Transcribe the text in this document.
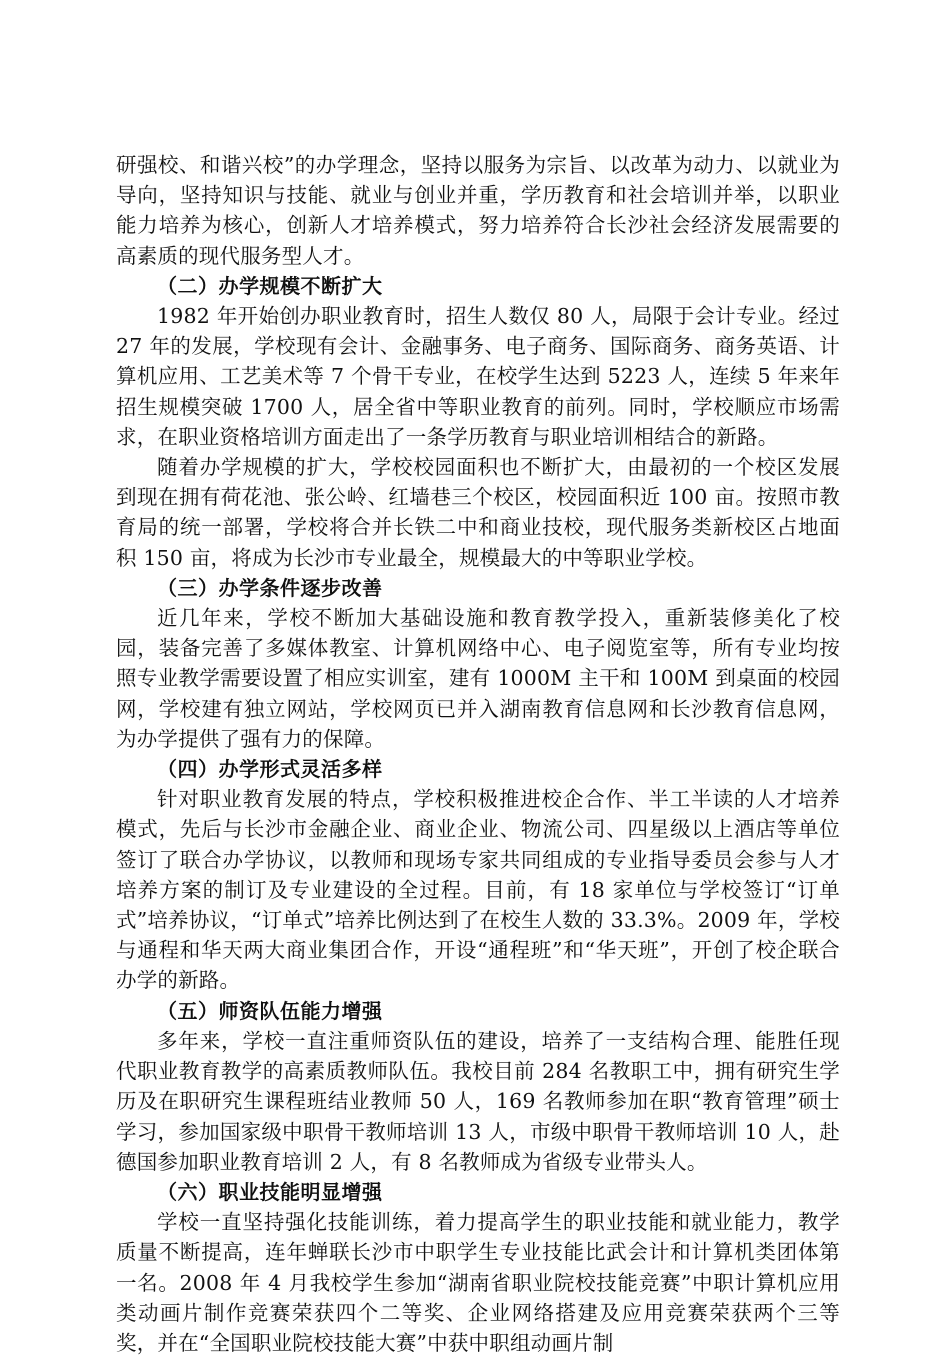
研强校、和谐兴校”的办学理念，坚持以服务为宗旨、以改革为动力、以就业为导向，坚持知识与技能、就业与创业并重，学历教育和社会培训并举，以职业能力培养为核心，创新人才培养模式，努力培养符合长沙社会经济发展需要的高素质的现代服务型人才。

（二）办学规模不断扩大

1982 年开始创办职业教育时，招生人数仅 80 人，局限于会计专业。经过 27 年的发展，学校现有会计、金融事务、电子商务、国际商务、商务英语、计算机应用、工艺美术等 7 个骨干专业，在校学生达到 5223 人，连续 5 年来年招生规模突破 1700 人，居全省中等职业教育的前列。同时，学校顺应市场需求，在职业资格培训方面走出了一条学历教育与职业培训相结合的新路。

随着办学规模的扩大，学校校园面积也不断扩大，由最初的一个校区发展到现在拥有荷花池、张公岭、红墙巷三个校区，校园面积近 100 亩。按照市教育局的统一部署，学校将合并长铁二中和商业技校，现代服务类新校区占地面积 150 亩，将成为长沙市专业最全，规模最大的中等职业学校。

（三）办学条件逐步改善

近几年来，学校不断加大基础设施和教育教学投入，重新装修美化了校园，装备完善了多媒体教室、计算机网络中心、电子阅览室等，所有专业均按照专业教学需要设置了相应实训室，建有 1000M 主干和 100M 到桌面的校园网，学校建有独立网站，学校网页已并入湖南教育信息网和长沙教育信息网，为办学提供了强有力的保障。

（四）办学形式灵活多样

针对职业教育发展的特点，学校积极推进校企合作、半工半读的人才培养模式，先后与长沙市金融企业、商业企业、物流公司、四星级以上酒店等单位签订了联合办学协议，以教师和现场专家共同组成的专业指导委员会参与人才培养方案的制订及专业建设的全过程。目前，有 18 家单位与学校签订“订单式”培养协议，“订单式”培养比例达到了在校生人数的 33.3%。2009 年，学校与通程和华天两大商业集团合作，开设“通程班”和“华天班”，开创了校企联合办学的新路。

（五）师资队伍能力增强

多年来，学校一直注重师资队伍的建设，培养了一支结构合理、能胜任现代职业教育教学的高素质教师队伍。我校目前 284 名教职工中，拥有研究生学历及在职研究生课程班结业教师 50 人，169 名教师参加在职“教育管理”硕士学习，参加国家级中职骨干教师培训 13 人，市级中职骨干教师培训 10 人，赴德国参加职业教育培训 2 人，有 8 名教师成为省级专业带头人。

（六）职业技能明显增强

学校一直坚持强化技能训练，着力提高学生的职业技能和就业能力，教学质量不断提高，连年蝉联长沙市中职学生专业技能比武会计和计算机类团体第一名。2008 年 4 月我校学生参加“湖南省职业院校技能竞赛”中职计算机应用类动画片制作竞赛荣获四个二等奖、企业网络搭建及应用竞赛荣获两个三等奖，并在“全国职业院校技能大赛”中获中职组动画片制
